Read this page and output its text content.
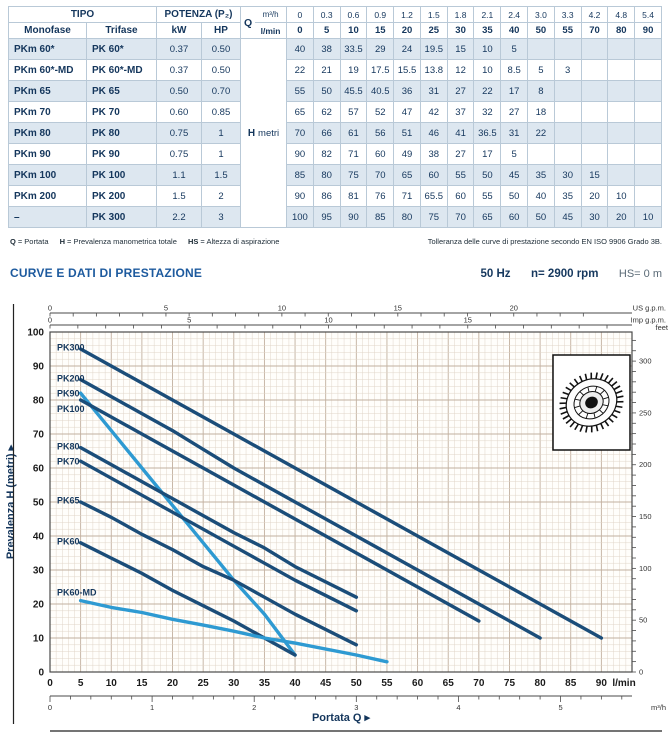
TIPO		POTENZA (P₂)		Q
m³/h
l/min	0	0.3	0.6	0.9	1.2	1.5	1.8	2.1	2.4	3.0	3.3	4.2	4.8	5.4
Monofase	Trifase	kW	HP		0	5	10	15	20	25	30	35	40	50	55	70	80	90
PKm 60*	PK 60*	0.37	0.50	H metri	40	38	33.5	29	24	19.5	15	10	5					
PKm 60*-MD	PK 60*-MD	0.37	0.50		22	21	19	17.5	15.5	13.8	12	10	8.5	5	3			
PKm 65	PK 65	0.50	0.70		55	50	45.5	40.5	36	31	27	22	17	8				
PKm 70	PK 70	0.60	0.85		65	62	57	52	47	42	37	32	27	18				
PKm 80	PK 80	0.75	1		70	66	61	56	51	46	41	36.5	31	22				
PKm 90	PK 90	0.75	1		90	82	71	60	49	38	27	17	5					
PKm 100	PK 100	1.1	1.5		85	80	75	70	65	60	55	50	45	35	30	15		
PKm 200	PK 200	1.5	2		90	86	81	76	71	65.5	60	55	50	40	35	20	10	
–	PK 300	2.2	3		100	95	90	85	80	75	70	65	60	50	45	30	20	10
Q = Portata H = Prevalenza manometrica totale HS = Altezza di aspirazione	Tolleranza delle curve di prestazione secondo EN ISO 9906 Grado 3B.
CURVE E DATI DI PRESTAZIONE	50 Hz n= 2900 rpm HS= 0 m
0
10
20
30
40
50
60
70
80
90
100
0	5 10 15 20 25 30 35 40 45 50 55 60 65 70 75 80 85 90 l/min
0	5	10	15	20	US g.p.m.
0	5	10	15	Imp g.p.m.
0
50
100
150
200
250
300
feet
0	1	2	3	4	5	m³/h
Portata Q ▸
Prevalenza H (metri) ▸
PK300
PK200
PK90
PK100
PK80
PK70
PK65
PK60
PK60-MD
